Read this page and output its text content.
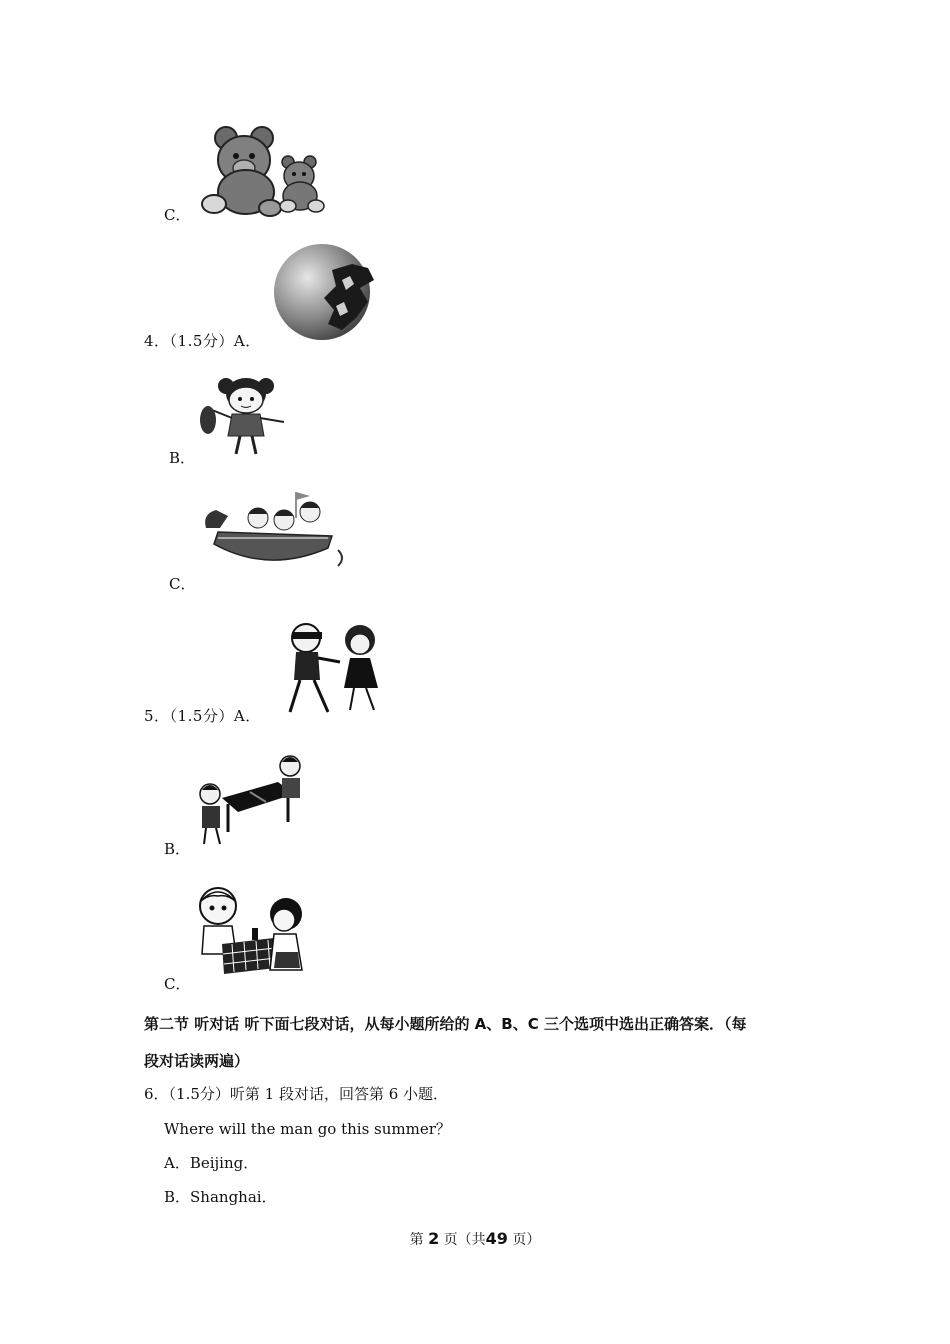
C．
4．（1.5分）A．
B．
C．
5．（1.5分）A．
B．
C．
第二节 听对话 听下面七段对话，从每小题所给的 A、B、C 三个选项中选出正确答案．（每
段对话读两遍）
6．（1.5分）听第 1 段对话，回答第 6 小题．
Where will the man go this summer？
A．Beijing．
B．Shanghai．
第 2 页（共49 页）
